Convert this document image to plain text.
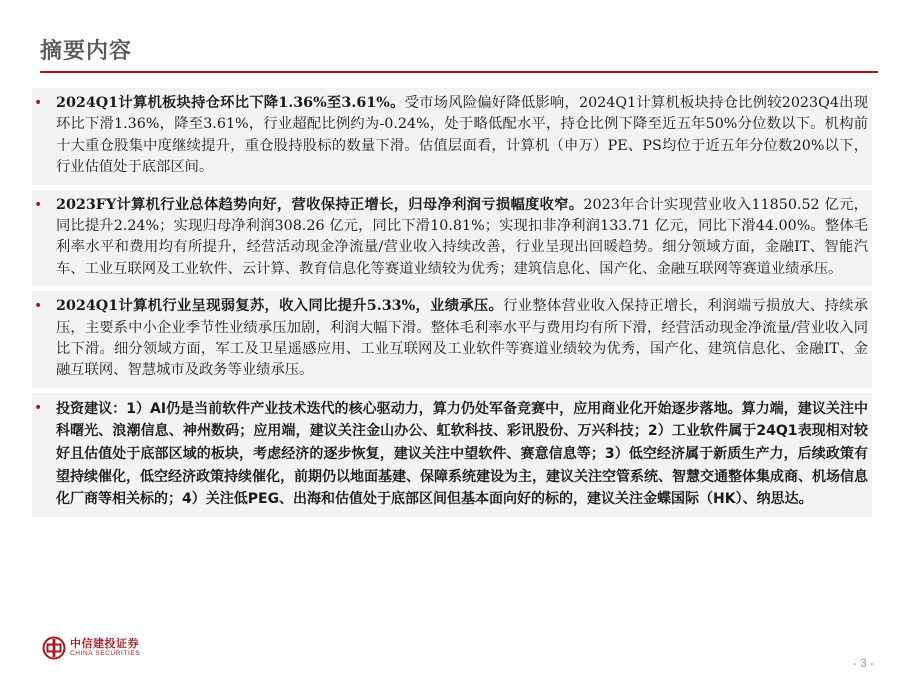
摘要内容
• 2024Q1计算机板块持仓环比下降1.36%至3.61%。受市场风险偏好降低影响，2024Q1计算机板块持仓比例较2023Q4出现环比下滑1.36%，降至3.61%，行业超配比例约为-0.24%，处于略低配水平，持仓比例下降至近五年50%分位数以下。机构前十大重仓股集中度继续提升，重仓股持股标的数量下滑。估值层面看，计算机（申万）PE、PS均位于近五年分位数20%以下，行业估值处于底部区间。
• 2023FY计算机行业总体趋势向好，营收保持正增长，归母净利润亏损幅度收窄。2023年合计实现营业收入11850.52 亿元，同比提升2.24%；实现归母净利润308.26 亿元，同比下滑10.81%；实现扣非净利润133.71 亿元，同比下滑44.00%。整体毛利率水平和费用均有所提升，经营活动现金净流量/营业收入持续改善，行业呈现出回暖趋势。细分领域方面，金融IT、智能汽车、工业互联网及工业软件、云计算、教育信息化等赛道业绩较为优秀；建筑信息化、国产化、金融互联网等赛道业绩承压。
• 2024Q1计算机行业呈现弱复苏，收入同比提升5.33%，业绩承压。行业整体营业收入保持正增长，利润端亏损放大、持续承压，主要系中小企业季节性业绩承压加剧，利润大幅下滑。整体毛利率水平与费用均有所下滑，经营活动现金净流量/营业收入同比下滑。细分领域方面，军工及卫星遥感应用、工业互联网及工业软件等赛道业绩较为优秀，国产化、建筑信息化、金融IT、金融互联网、智慧城市及政务等业绩承压。
• 投资建议：1）AI仍是当前软件产业技术迭代的核心驱动力，算力仍处军备竞赛中，应用商业化开始逐步落地。算力端，建议关注中科曙光、浪潮信息、神州数码；应用端，建议关注金山办公、虹软科技、彩讯股份、万兴科技；2）工业软件属于24Q1表现相对较好且估值处于底部区域的板块，考虑经济的逐步恢复，建议关注中望软件、赛意信息等；3）低空经济属于新质生产力，后续政策有望持续催化，低空经济政策持续催化，前期仍以地面基建、保障系统建设为主，建议关注空管系统、智慧交通整体集成商、机场信息化厂商等相关标的；4）关注低PEG、出海和估值处于底部区间但基本面向好的标的，建议关注金蝶国际（HK）、纳思达。
中信建投证券
CHINA SECURITIES
- 3 -
